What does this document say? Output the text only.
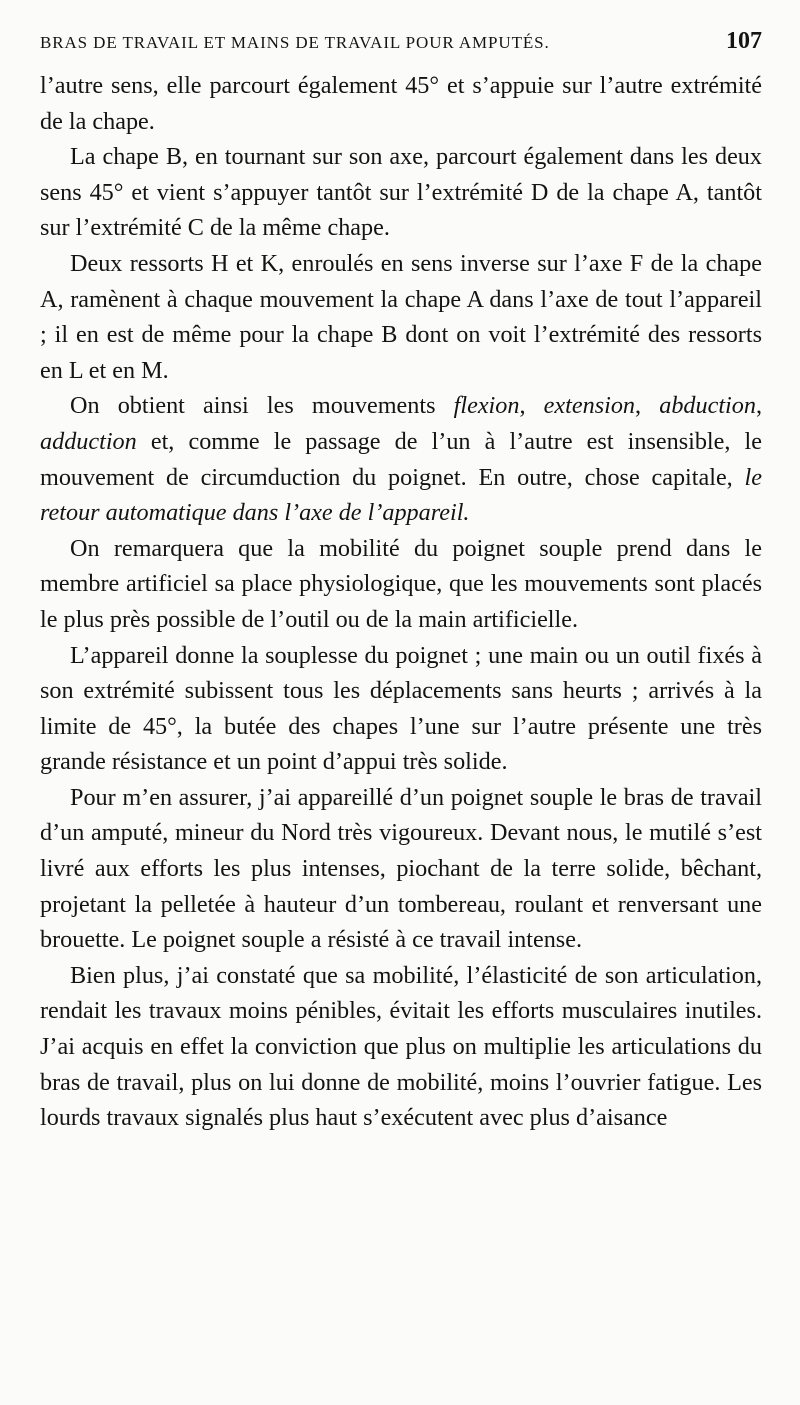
BRAS DE TRAVAIL ET MAINS DE TRAVAIL POUR AMPUTÉS.	107

l’autre sens, elle parcourt également 45° et s’appuie sur l’autre extrémité de la chape.

La chape B, en tournant sur son axe, parcourt également dans les deux sens 45° et vient s’appuyer tantôt sur l’extrémité D de la chape A, tantôt sur l’extrémité C de la même chape.

Deux ressorts H et K, enroulés en sens inverse sur l’axe F de la chape A, ramènent à chaque mouvement la chape A dans l’axe de tout l’appareil ; il en est de même pour la chape B dont on voit l’extrémité des ressorts en L et en M.

On obtient ainsi les mouvements flexion, extension, abduction, adduction et, comme le passage de l’un à l’autre est insensible, le mouvement de circumduction du poignet. En outre, chose capitale, le retour automatique dans l’axe de l’appareil.

On remarquera que la mobilité du poignet souple prend dans le membre artificiel sa place physiologique, que les mouvements sont placés le plus près possible de l’outil ou de la main artificielle.

L’appareil donne la souplesse du poignet ; une main ou un outil fixés à son extrémité subissent tous les déplacements sans heurts ; arrivés à la limite de 45°, la butée des chapes l’une sur l’autre présente une très grande résistance et un point d’appui très solide.

Pour m’en assurer, j’ai appareillé d’un poignet souple le bras de travail d’un amputé, mineur du Nord très vigoureux. Devant nous, le mutilé s’est livré aux efforts les plus intenses, piochant de la terre solide, bêchant, projetant la pelletée à hauteur d’un tombereau, roulant et renversant une brouette. Le poignet souple a résisté à ce travail intense.

Bien plus, j’ai constaté que sa mobilité, l’élasticité de son articulation, rendait les travaux moins pénibles, évitait les efforts musculaires inutiles. J’ai acquis en effet la conviction que plus on multiplie les articulations du bras de travail, plus on lui donne de mobilité, moins l’ouvrier fatigue. Les lourds travaux signalés plus haut s’exécutent avec plus d’aisance
